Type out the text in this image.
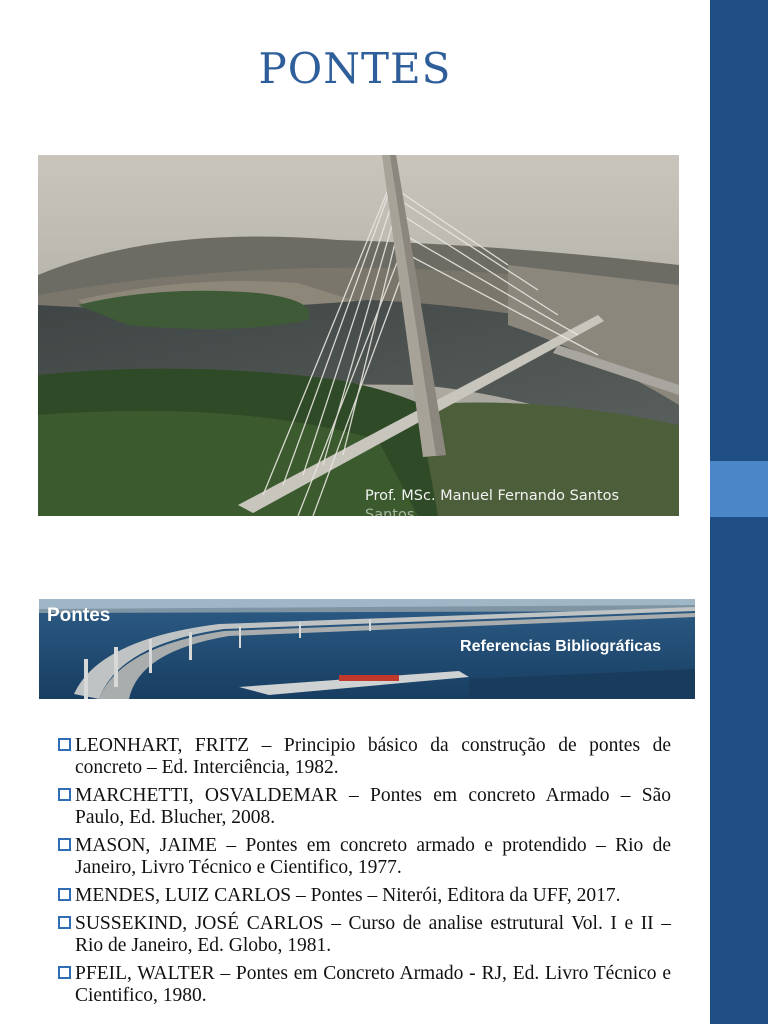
PONTES
Prof. MSc. Manuel Fernando Santos
Santos
Pontes
Referencias Bibliográficas
LEONHART, FRITZ – Principio básico da construção de pontes de concreto – Ed. Interciência, 1982.
MARCHETTI, OSVALDEMAR – Pontes em concreto Armado – São Paulo, Ed. Blucher, 2008.
MASON, JAIME – Pontes em concreto armado e protendido – Rio de Janeiro, Livro Técnico e Cientifico, 1977.
MENDES, LUIZ CARLOS – Pontes – Niterói, Editora da UFF, 2017.
SUSSEKIND, JOSÉ CARLOS – Curso de analise estrutural Vol. I e II – Rio de Janeiro, Ed. Globo, 1981.
PFEIL, WALTER – Pontes em Concreto Armado - RJ, Ed. Livro Técnico e Cientifico, 1980.
